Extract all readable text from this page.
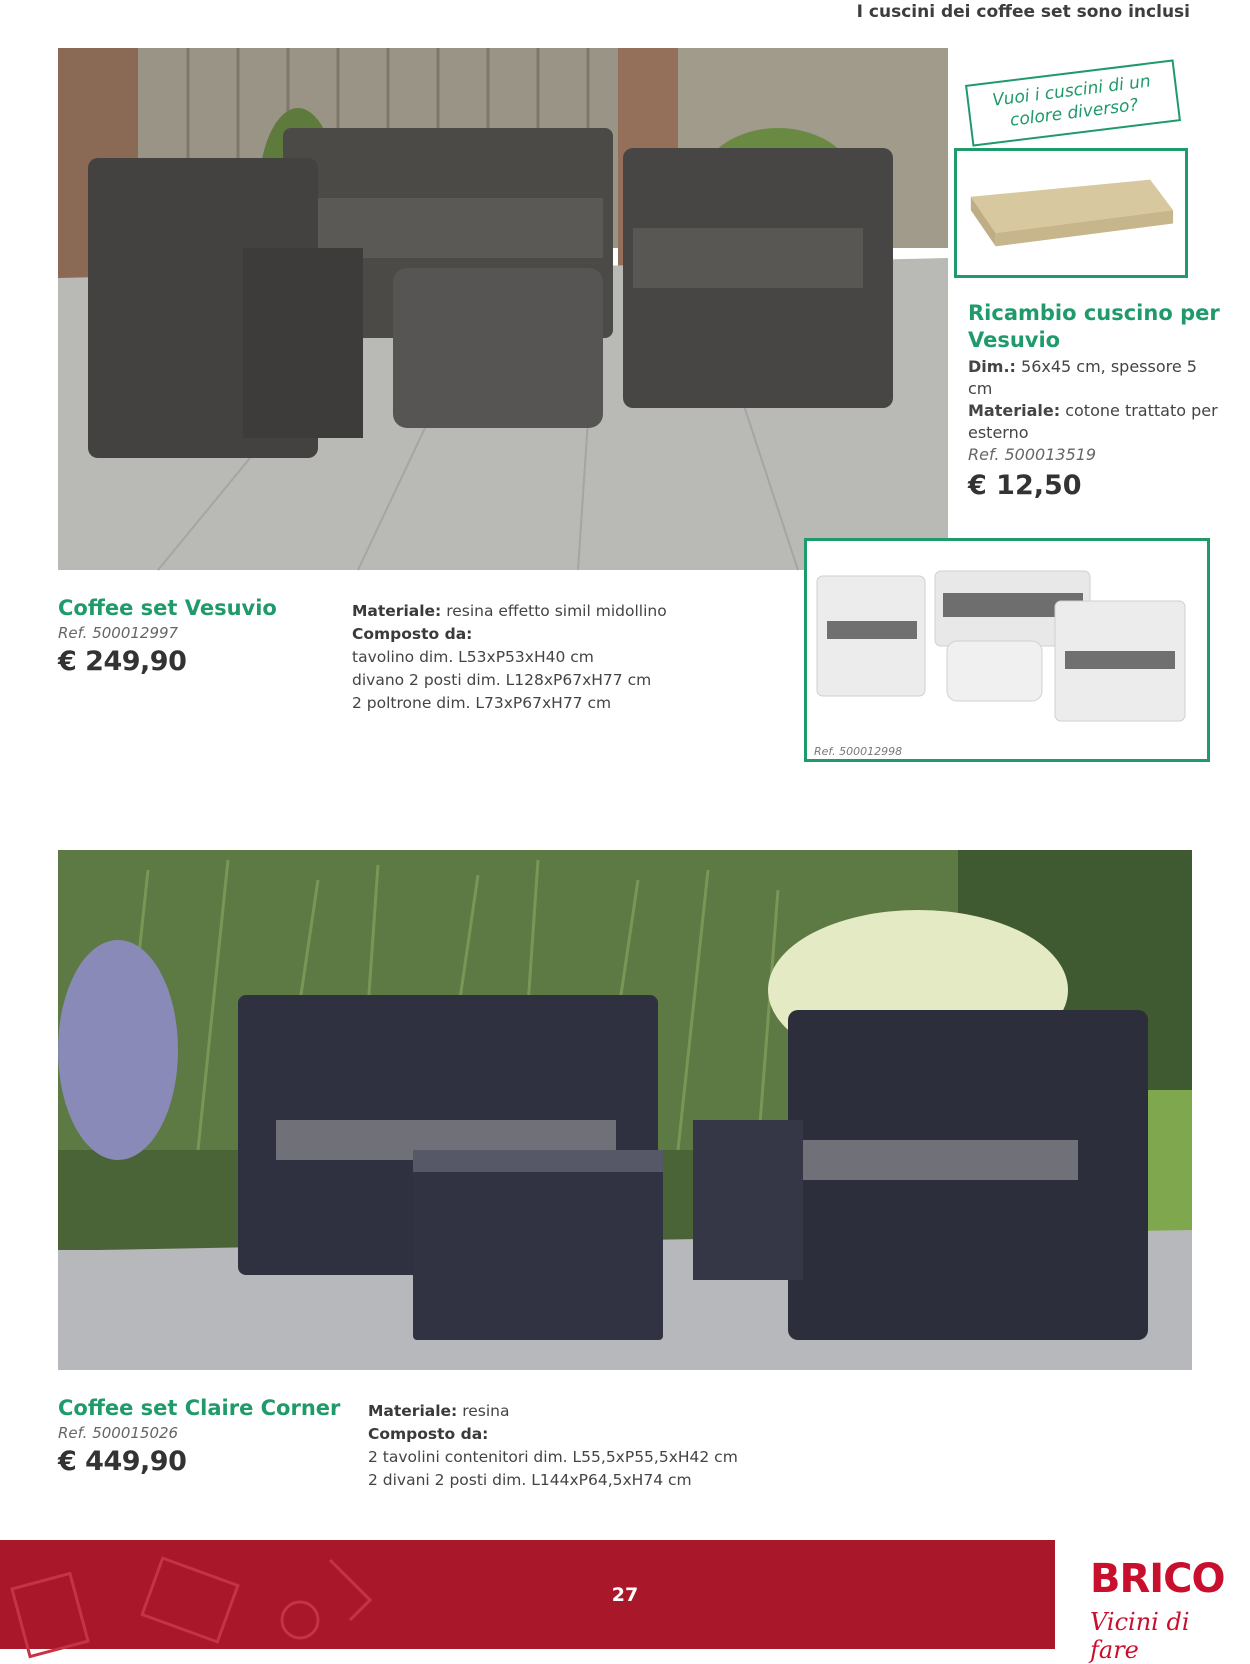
I cuscini dei coffee set sono inclusi
Coffee set Vesuvio
Ref. 500012997
€ 249,90
Materiale: resina effetto simil midollino
Composto da:
tavolino dim. L53xP53xH40 cm
divano 2 posti dim. L128xP67xH77 cm
2 poltrone dim. L73xP67xH77 cm
Vuoi i cuscini di un colore diverso?
Ricambio cuscino per Vesuvio
Dim.: 56x45 cm, spessore 5 cm
Materiale: cotone trattato per esterno
Ref. 500013519
€ 12,50
Ref. 500012998
Coffee set Claire Corner
Ref. 500015026
€ 449,90
Materiale: resina
Composto da:
2 tavolini contenitori dim. L55,5xP55,5xH42 cm
2 divani 2 posti dim. L144xP64,5xH74 cm
27	BRICO
Vicini di fare
